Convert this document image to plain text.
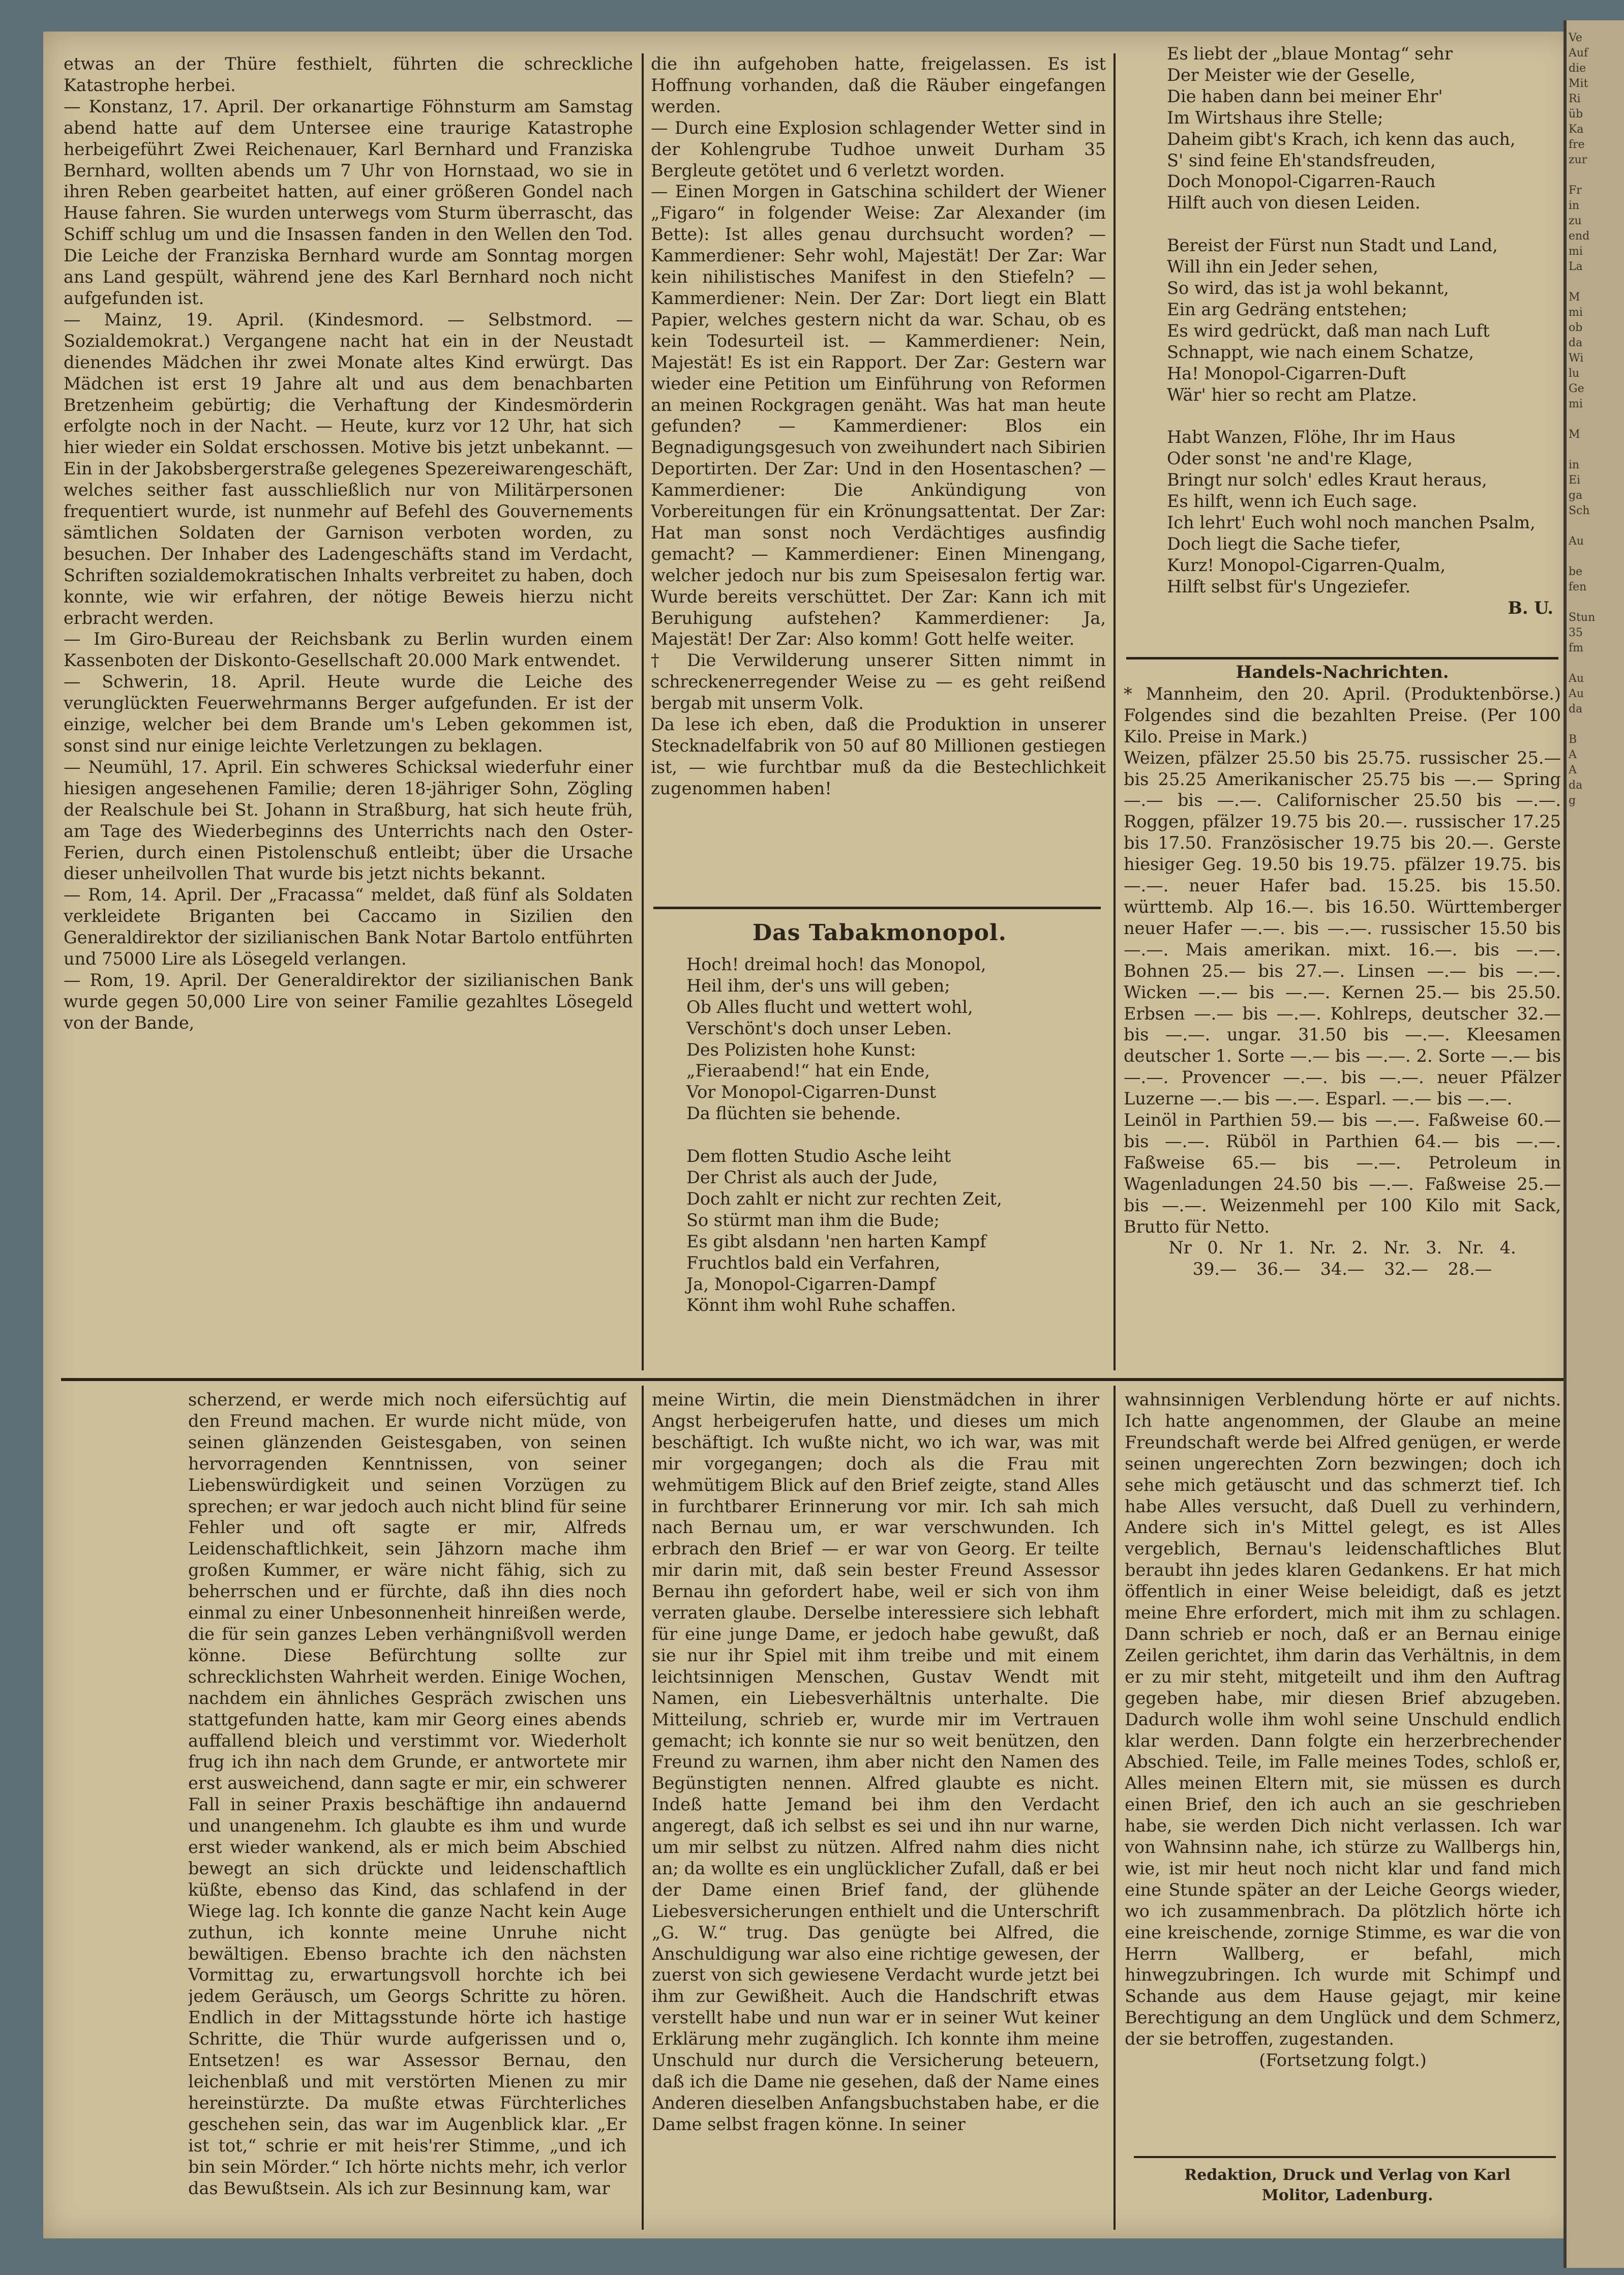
Ve
Auf
die
Mit
Ri
üb
Ka
fre
zur

Fr
in
zu
end
mi
La

M
mi
ob
da
Wi
lu
Ge
mi

M

in
Ei
ga
Sch

Au

be
fen

Stun
35
fm

Au
Au
da

B
A
A
da
g

etwas an der Thüre festhielt, führten die schreckliche Katastrophe herbei.

— Konstanz, 17. April. Der orkanartige Föhnsturm am Samstag abend hatte auf dem Untersee eine traurige Katastrophe herbeigeführt Zwei Reichenauer, Karl Bernhard und Franziska Bernhard, wollten abends um 7 Uhr von Hornstaad, wo sie in ihren Reben gearbeitet hatten, auf einer größeren Gondel nach Hause fahren. Sie wurden unterwegs vom Sturm überrascht, das Schiff schlug um und die Insassen fanden in den Wellen den Tod. Die Leiche der Franziska Bernhard wurde am Sonntag morgen ans Land gespült, während jene des Karl Bernhard noch nicht aufgefunden ist.

— Mainz, 19. April. (Kindesmord. — Selbstmord. — Sozialdemokrat.) Vergangene nacht hat ein in der Neustadt dienendes Mädchen ihr zwei Monate altes Kind erwürgt. Das Mädchen ist erst 19 Jahre alt und aus dem benachbarten Bretzenheim gebürtig; die Verhaftung der Kindesmörderin erfolgte noch in der Nacht. — Heute, kurz vor 12 Uhr, hat sich hier wieder ein Soldat erschossen. Motive bis jetzt unbekannt. — Ein in der Jakobsbergerstraße gelegenes Spezereiwarengeschäft, welches seither fast ausschließlich nur von Militärpersonen frequentiert wurde, ist nunmehr auf Befehl des Gouvernements sämtlichen Soldaten der Garnison verboten worden, zu besuchen. Der Inhaber des Ladengeschäfts stand im Verdacht, Schriften sozialdemokratischen Inhalts verbreitet zu haben, doch konnte, wie wir erfahren, der nötige Beweis hierzu nicht erbracht werden.

— Im Giro-Bureau der Reichsbank zu Berlin wurden einem Kassenboten der Diskonto-Gesellschaft 20.000 Mark entwendet.

— Schwerin, 18. April. Heute wurde die Leiche des verunglückten Feuerwehrmanns Berger aufgefunden. Er ist der einzige, welcher bei dem Brande um's Leben gekommen ist, sonst sind nur einige leichte Verletzungen zu beklagen.

— Neumühl, 17. April. Ein schweres Schicksal wiederfuhr einer hiesigen angesehenen Familie; deren 18-jähriger Sohn, Zögling der Realschule bei St. Johann in Straßburg, hat sich heute früh, am Tage des Wiederbeginns des Unterrichts nach den Oster-Ferien, durch einen Pistolenschuß entleibt; über die Ursache dieser unheilvollen That wurde bis jetzt nichts bekannt.

— Rom, 14. April. Der „Fracassa“ meldet, daß fünf als Soldaten verkleidete Briganten bei Caccamo in Sizilien den Generaldirektor der sizilianischen Bank Notar Bartolo entführten und 75000 Lire als Lösegeld verlangen.

— Rom, 19. April. Der Generaldirektor der sizilianischen Bank wurde gegen 50,000 Lire von seiner Familie gezahltes Lösegeld von der Bande,

die ihn aufgehoben hatte, freigelassen. Es ist Hoffnung vorhanden, daß die Räuber eingefangen werden.

— Durch eine Explosion schlagender Wetter sind in der Kohlengrube Tudhoe unweit Durham 35 Bergleute getötet und 6 verletzt worden.

— Einen Morgen in Gatschina schildert der Wiener „Figaro“ in folgender Weise: Zar Alexander (im Bette): Ist alles genau durchsucht worden? — Kammerdiener: Sehr wohl, Majestät! Der Zar: War kein nihilistisches Manifest in den Stiefeln? — Kammerdiener: Nein. Der Zar: Dort liegt ein Blatt Papier, welches gestern nicht da war. Schau, ob es kein Todesurteil ist. — Kammerdiener: Nein, Majestät! Es ist ein Rapport. Der Zar: Gestern war wieder eine Petition um Einführung von Reformen an meinen Rockgragen genäht. Was hat man heute gefunden? — Kammerdiener: Blos ein Begnadigungsgesuch von zweihundert nach Sibirien Deportirten. Der Zar: Und in den Hosentaschen? — Kammerdiener: Die Ankündigung von Vorbereitungen für ein Krönungsattentat. Der Zar: Hat man sonst noch Verdächtiges ausfindig gemacht? — Kammerdiener: Einen Minengang, welcher jedoch nur bis zum Speisesalon fertig war. Wurde bereits verschüttet. Der Zar: Kann ich mit Beruhigung aufstehen? Kammerdiener: Ja, Majestät! Der Zar: Also komm! Gott helfe weiter.

† Die Verwilderung unserer Sitten nimmt in schreckenerregender Weise zu — es geht reißend bergab mit unserm Volk.

Da lese ich eben, daß die Produktion in unserer Stecknadelfabrik von 50 auf 80 Millionen gestiegen ist, — wie furchtbar muß da die Bestechlichkeit zugenommen haben!

Das Tabakmonopol.
Hoch! dreimal hoch! das Monopol,
Heil ihm, der's uns will geben;
Ob Alles flucht und wettert wohl,
Verschönt's doch unser Leben.
Des Polizisten hohe Kunst:
„Fieraabend!“ hat ein Ende,
Vor Monopol-Cigarren-Dunst
Da flüchten sie behende.

Dem flotten Studio Asche leiht
Der Christ als auch der Jude,
Doch zahlt er nicht zur rechten Zeit,
So stürmt man ihm die Bude;
Es gibt alsdann 'nen harten Kampf
Fruchtlos bald ein Verfahren,
Ja, Monopol-Cigarren-Dampf
Könnt ihm wohl Ruhe schaffen.
Es liebt der „blaue Montag“ sehr
Der Meister wie der Geselle,
Die haben dann bei meiner Ehr'
Im Wirtshaus ihre Stelle;
Daheim gibt's Krach, ich kenn das auch,
S' sind feine Eh'standsfreuden,
Doch Monopol-Cigarren-Rauch
Hilft auch von diesen Leiden.

Bereist der Fürst nun Stadt und Land,
Will ihn ein Jeder sehen,
So wird, das ist ja wohl bekannt,
Ein arg Gedräng entstehen;
Es wird gedrückt, daß man nach Luft
Schnappt, wie nach einem Schatze,
Ha! Monopol-Cigarren-Duft
Wär' hier so recht am Platze.

Habt Wanzen, Flöhe, Ihr im Haus
Oder sonst 'ne and're Klage,
Bringt nur solch' edles Kraut heraus,
Es hilft, wenn ich Euch sage.
Ich lehrt' Euch wohl noch manchen Psalm,
Doch liegt die Sache tiefer,
Kurz! Monopol-Cigarren-Qualm,
Hilft selbst für's Ungeziefer.
B. U.
Handels-Nachrichten.

* Mannheim, den 20. April. (Produktenbörse.) Folgendes sind die bezahlten Preise. (Per 100 Kilo. Preise in Mark.)

Weizen, pfälzer 25.50 bis 25.75. russischer 25.— bis 25.25 Amerikanischer 25.75 bis —.— Spring —.— bis —.—. Californischer 25.50 bis —.—. Roggen, pfälzer 19.75 bis 20.—. russischer 17.25 bis 17.50. Französischer 19.75 bis 20.—. Gerste hiesiger Geg. 19.50 bis 19.75. pfälzer 19.75. bis —.—. neuer Hafer bad. 15.25. bis 15.50. württemb. Alp 16.—. bis 16.50. Württemberger neuer Hafer —.—. bis —.—. russischer 15.50 bis —.—. Mais amerikan. mixt. 16.—. bis —.—. Bohnen 25.— bis 27.—. Linsen —.— bis —.—. Wicken —.— bis —.—. Kernen 25.— bis 25.50. Erbsen —.— bis —.—. Kohlreps, deutscher 32.— bis —.—. ungar. 31.50 bis —.—. Kleesamen deutscher 1. Sorte —.— bis —.—. 2. Sorte —.— bis —.—. Provencer —.—. bis —.—. neuer Pfälzer Luzerne —.— bis —.—. Esparl. —.— bis —.—.

Leinöl in Parthien 59.— bis —.—. Faßweise 60.— bis —.—. Rüböl in Parthien 64.— bis —.—. Faßweise 65.— bis —.—. Petroleum in Wagenladungen 24.50 bis —.—. Faßweise 25.— bis —.—. Weizenmehl per 100 Kilo mit Sack, Brutto für Netto.

Nr 0. Nr 1. Nr. 2. Nr. 3. Nr. 4.

39.— 36.— 34.— 32.— 28.—

scherzend, er werde mich noch eifersüchtig auf den Freund machen. Er wurde nicht müde, von seinen glänzenden Geistesgaben, von seinen hervorragenden Kenntnissen, von seiner Liebenswürdigkeit und seinen Vorzügen zu sprechen; er war jedoch auch nicht blind für seine Fehler und oft sagte er mir, Alfreds Leidenschaftlichkeit, sein Jähzorn mache ihm großen Kummer, er wäre nicht fähig, sich zu beherrschen und er fürchte, daß ihn dies noch einmal zu einer Unbesonnenheit hinreißen werde, die für sein ganzes Leben verhängnißvoll werden könne. Diese Befürchtung sollte zur schrecklichsten Wahrheit werden. Einige Wochen, nachdem ein ähnliches Gespräch zwischen uns stattgefunden hatte, kam mir Georg eines abends auffallend bleich und verstimmt vor. Wiederholt frug ich ihn nach dem Grunde, er antwortete mir erst ausweichend, dann sagte er mir, ein schwerer Fall in seiner Praxis beschäftige ihn andauernd und unangenehm. Ich glaubte es ihm und wurde erst wieder wankend, als er mich beim Abschied bewegt an sich drückte und leidenschaftlich küßte, ebenso das Kind, das schlafend in der Wiege lag. Ich konnte die ganze Nacht kein Auge zuthun, ich konnte meine Unruhe nicht bewältigen. Ebenso brachte ich den nächsten Vormittag zu, erwartungsvoll horchte ich bei jedem Geräusch, um Georgs Schritte zu hören. Endlich in der Mittagsstunde hörte ich hastige Schritte, die Thür wurde aufgerissen und o, Entsetzen! es war Assessor Bernau, den leichenblaß und mit verstörten Mienen zu mir hereinstürzte. Da mußte etwas Fürchterliches geschehen sein, das war im Augenblick klar. „Er ist tot,“ schrie er mit heis'rer Stimme, „und ich bin sein Mörder.“ Ich hörte nichts mehr, ich verlor das Bewußtsein. Als ich zur Besinnung kam, war

meine Wirtin, die mein Dienstmädchen in ihrer Angst herbeigerufen hatte, und dieses um mich beschäftigt. Ich wußte nicht, wo ich war, was mit mir vorgegangen; doch als die Frau mit wehmütigem Blick auf den Brief zeigte, stand Alles in furchtbarer Erinnerung vor mir. Ich sah mich nach Bernau um, er war verschwunden. Ich erbrach den Brief — er war von Georg. Er teilte mir darin mit, daß sein bester Freund Assessor Bernau ihn gefordert habe, weil er sich von ihm verraten glaube. Derselbe interessiere sich lebhaft für eine junge Dame, er jedoch habe gewußt, daß sie nur ihr Spiel mit ihm treibe und mit einem leichtsinnigen Menschen, Gustav Wendt mit Namen, ein Liebesverhältnis unterhalte. Die Mitteilung, schrieb er, wurde mir im Vertrauen gemacht; ich konnte sie nur so weit benützen, den Freund zu warnen, ihm aber nicht den Namen des Begünstigten nennen. Alfred glaubte es nicht. Indeß hatte Jemand bei ihm den Verdacht angeregt, daß ich selbst es sei und ihn nur warne, um mir selbst zu nützen. Alfred nahm dies nicht an; da wollte es ein unglücklicher Zufall, daß er bei der Dame einen Brief fand, der glühende Liebesversicherungen enthielt und die Unterschrift „G. W.“ trug. Das genügte bei Alfred, die Anschuldigung war also eine richtige gewesen, der zuerst von sich gewiesene Verdacht wurde jetzt bei ihm zur Gewißheit. Auch die Handschrift etwas verstellt habe und nun war er in seiner Wut keiner Erklärung mehr zugänglich. Ich konnte ihm meine Unschuld nur durch die Versicherung beteuern, daß ich die Dame nie gesehen, daß der Name eines Anderen dieselben Anfangsbuchstaben habe, er die Dame selbst fragen könne. In seiner

wahnsinnigen Verblendung hörte er auf nichts. Ich hatte angenommen, der Glaube an meine Freundschaft werde bei Alfred genügen, er werde seinen ungerechten Zorn bezwingen; doch ich sehe mich getäuscht und das schmerzt tief. Ich habe Alles versucht, daß Duell zu verhindern, Andere sich in's Mittel gelegt, es ist Alles vergeblich, Bernau's leidenschaftliches Blut beraubt ihn jedes klaren Gedankens. Er hat mich öffentlich in einer Weise beleidigt, daß es jetzt meine Ehre erfordert, mich mit ihm zu schlagen. Dann schrieb er noch, daß er an Bernau einige Zeilen gerichtet, ihm darin das Verhältnis, in dem er zu mir steht, mitgeteilt und ihm den Auftrag gegeben habe, mir diesen Brief abzugeben. Dadurch wolle ihm wohl seine Unschuld endlich klar werden. Dann folgte ein herzerbrechender Abschied. Teile, im Falle meines Todes, schloß er, Alles meinen Eltern mit, sie müssen es durch einen Brief, den ich auch an sie geschrieben habe, sie werden Dich nicht verlassen. Ich war von Wahnsinn nahe, ich stürze zu Wallbergs hin, wie, ist mir heut noch nicht klar und fand mich eine Stunde später an der Leiche Georgs wieder, wo ich zusammenbrach. Da plötzlich hörte ich eine kreischende, zornige Stimme, es war die von Herrn Wallberg, er befahl, mich hinwegzubringen. Ich wurde mit Schimpf und Schande aus dem Hause gejagt, mir keine Berechtigung an dem Unglück und dem Schmerz, der sie betroffen, zugestanden.

(Fortsetzung folgt.)
Redaktion, Druck und Verlag von Karl Molitor, Ladenburg.
